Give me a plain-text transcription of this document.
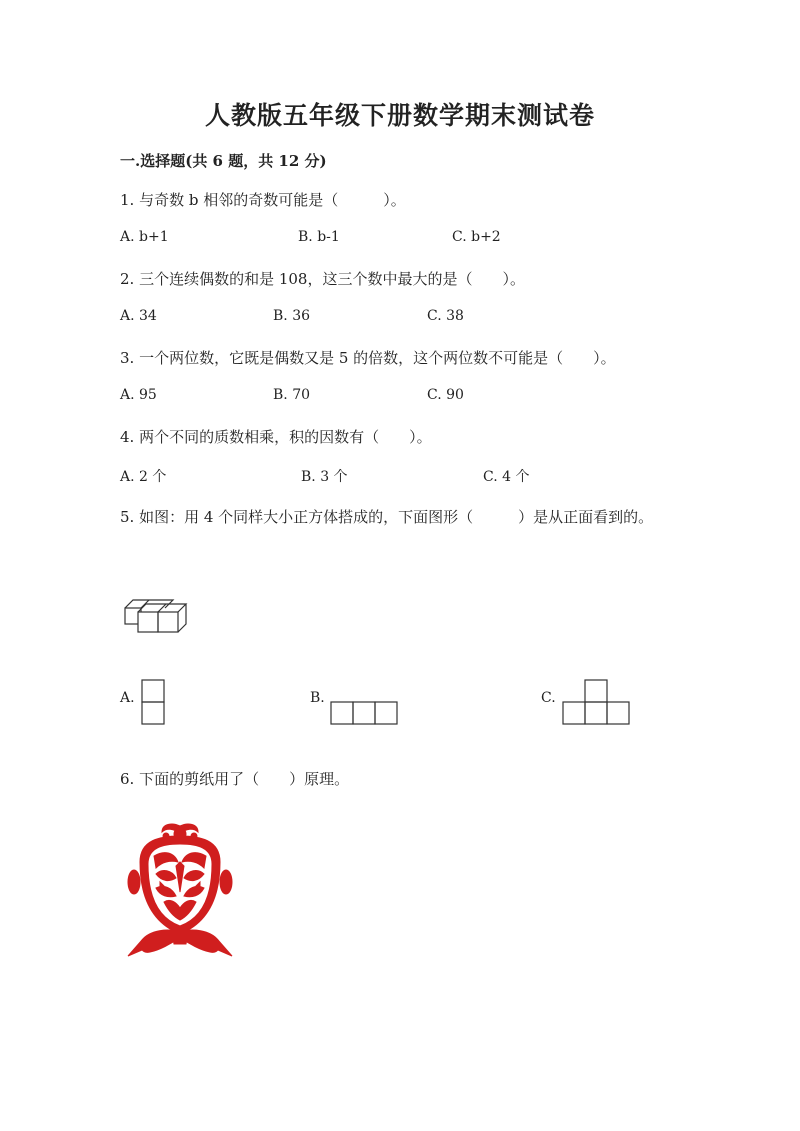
人教版五年级下册数学期末测试卷
一.选择题(共 6 题，共 12 分)
1. 与奇数 b 相邻的奇数可能是（　　　）。
A. b+1	B. b-1	C. b+2
2. 三个连续偶数的和是 108，这三个数中最大的是（　　）。
A. 34	B. 36	C. 38
3. 一个两位数，它既是偶数又是 5 的倍数，这个两位数不可能是（　　）。
A. 95	B. 70	C. 90
4. 两个不同的质数相乘，积的因数有（　　）。
A. 2 个	B. 3 个	C. 4 个
5. 如图：用 4 个同样大小正方体搭成的，下面图形（　　　）是从正面看到的。
A.	B.	C.
6. 下面的剪纸用了（　　）原理。
